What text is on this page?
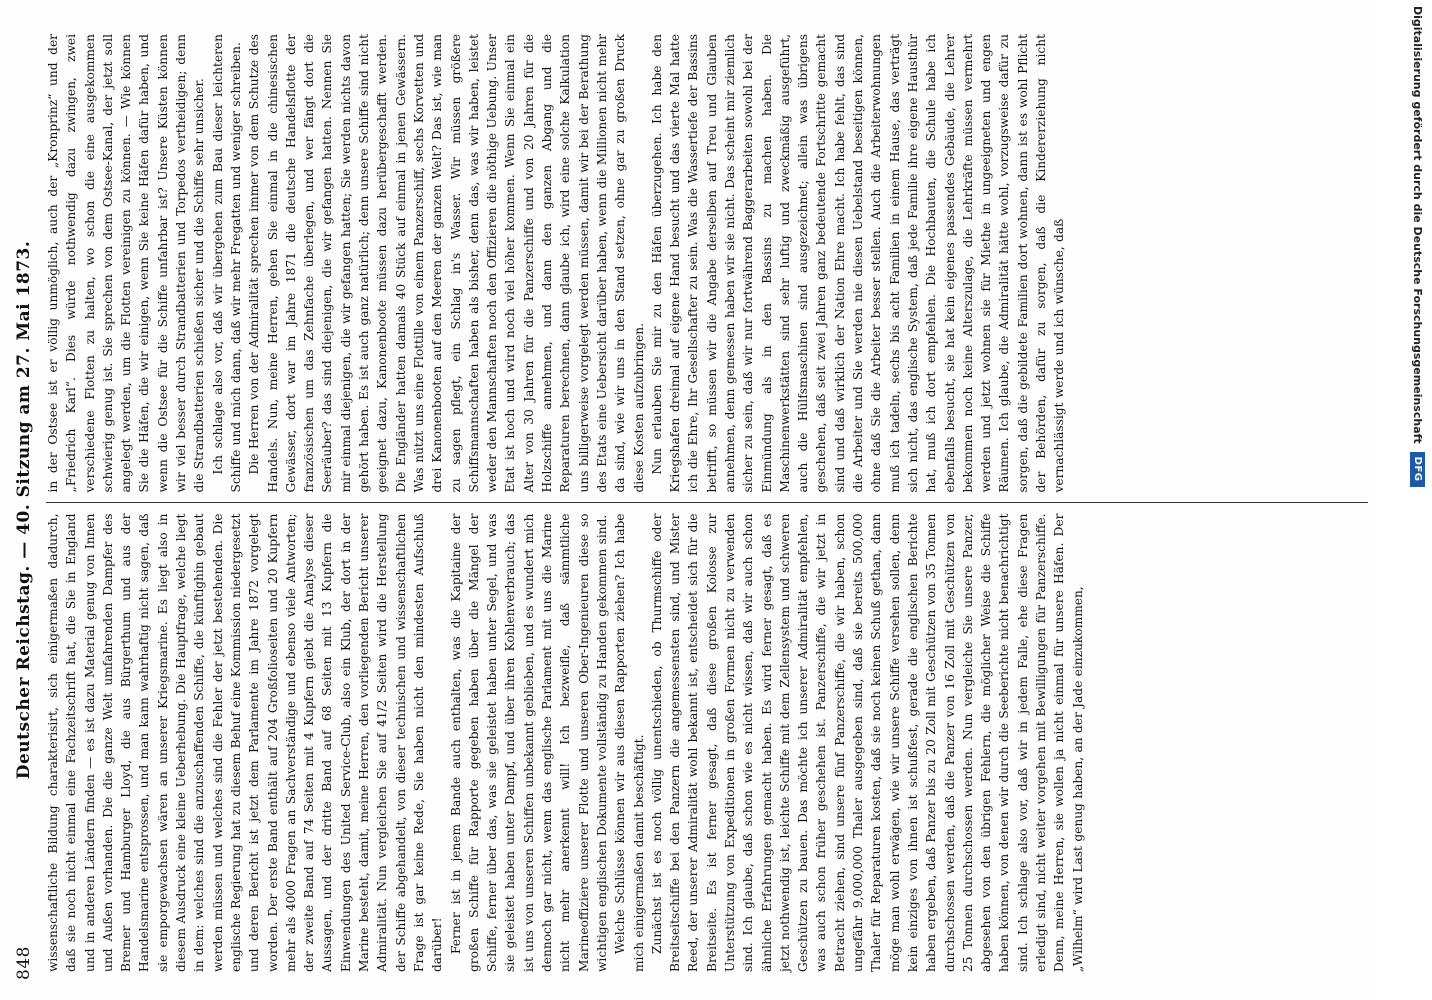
848
Deutscher Reichstag. — 40. Sitzung am 27. Mai 1873. wissenschaftliche Bildung charakterisirt, sich einigermaßen dadurch, daß sie noch nicht einmal eine Fachzeitschrift hat, die Sie in England und in anderen Ländern finden — es ist dazu Material genug von Innen und Außen vorhanden. Die die ganze Welt umfahrenden Dampfer des Bremer und Hamburger Lloyd, die aus Bürgerthum und aus der Handelsmarine entsprossen, und man kann wahrhaftig nicht sagen, daß sie emporgewachsen wären an unserer Kriegsmarine. Es liegt also in diesem Ausdruck eine kleine Ueberhebung. Die Hauptfrage, welche liegt in dem: welches sind die anzuschaffenden Schiffe, die künftighin gebaut werden müssen und welches sind die Fehler der jetzt bestehenden. Die englische Regierung hat zu diesem Behuf eine Kommission niedergesetzt und deren Bericht ist jetzt dem Parlamente im Jahre 1872 vorgelegt worden. Der erste Band enthält auf 204 Großfolioseiten und 20 Kupfern mehr als 4000 Fragen an Sachverständige und ebenso viele Antworten; der zweite Band auf 74 Seiten mit 4 Kupfern giebt die Analyse dieser Aussagen, und der dritte Band auf 68 Seiten mit 13 Kupfern die Einwendungen des United Service-Club, also ein Klub, der dort in der Marine besteht, damit, meine Herren, den vorliegenden Bericht unserer Admiralität. Nun vergleichen Sie auf 41/2 Seiten wird die Herstellung der Schiffe abgehandelt, von dieser technischen und wissenschaftlichen Frage ist gar keine Rede, Sie haben nicht den mindesten Aufschluß darüber! Ferner ist in jenem Bande auch enthalten, was die Kapitaine der großen Schiffe für Rapporte gegeben haben über die Mängel der Schiffe, ferner über das, was sie geleistet haben unter Segel, und was sie geleistet haben unter Dampf, und über ihren Kohlenverbrauch; das ist uns von unseren Schiffen unbekannt geblieben, und es wundert mich dennoch gar nicht, wenn das englische Parlament mit uns die Marine nicht mehr anerkennt will! Ich bezweifle, daß sämmtliche Marineoffiziere unserer Flotte und unseren Ober-Ingenieuren diese so wichtigen englischen Dokumente vollständig zu Handen gekommen sind. Welche Schlüsse können wir aus diesen Rapporten ziehen? Ich habe mich einigermaßen damit beschäftigt. Zunächst ist es noch völlig unentschieden, ob Thurmschiffe oder Breitseitschiffe bei den Panzern die angemessensten sind, und Mister Reed, der unserer Admiralität wohl bekannt ist, entscheidet sich für die Breitseite. Es ist ferner gesagt, daß diese großen Kolosse zur Unterstützung von Expeditionen in großen Formen nicht zu verwenden sind. Ich glaube, daß schon wie es nicht wissen, daß wir auch schon ähnliche Erfahrungen gemacht haben. Es wird ferner gesagt, daß es jetzt nothwendig ist, leichte Schiffe mit dem Zellensystem und schweren Geschützen zu bauen. Das möchte ich unserer Admiralität empfehlen, was auch schon früher geschehen ist. Panzerschiffe, die wir jetzt in Betracht ziehen, sind unsere fünf Panzerschiffe, die wir haben, schon ungefähr 9,000,000 Thaler ausgegeben sind, daß sie bereits 500,000 Thaler für Reparaturen kosten, daß sie noch keinen Schuß gethan, dann möge man wohl erwägen, wie wir unsere Schiffe versehen sollen, denn kein einziges von ihnen ist schußfest, gerade die englischen Berichte haben ergeben, daß Panzer bis zu 20 Zoll mit Geschützen von 35 Tonnen durchschossen werden, daß die Panzer von 16 Zoll mit Geschützen von 25 Tonnen durchschossen werden. Nun vergleiche Sie unsere Panzer, abgesehen von den übrigen Fehlern, die möglicher Weise die Schiffe haben können, von denen wir durch die Seeberichte nicht benachrichtigt sind. Ich schlage also vor, daß wir in jedem Falle, ehe diese Fragen erledigt sind, nicht weiter vorgehen mit Bewilligungen für Panzerschiffe. Denn, meine Herren, sie wollen ja nicht einmal für unsere Häfen. Der „Wilhelm“ wird Last genug haben, an der Jade einzukommen,

in der Ostsee ist er völlig unmöglich, auch der „Kronprinz“ und der „Friedrich Karl“. Dies würde nothwendig dazu zwingen, zwei verschiedene Flotten zu halten, wo schon die eine ausgekommen schwierig genug ist. Sie sprechen von dem Ostsee-Kanal, der jetzt soll angelegt werden, um die Flotten vereinigen zu können. — Wie können Sie die Häfen, die wir einigen, wenn Sie keine Häfen dafür haben, und wenn die Ostsee für die Schiffe unfahrbar ist? Unsere Küsten können wir viel besser durch Strandbatterien und Torpedos vertheidigen; denn die Strandbatterien schießen sicher und die Schiffe sehr unsicher. Ich schlage also vor, daß wir übergehen zum Bau dieser leichteren Schiffe und mich dann, daß wir mehr Fregatten und weniger schreiben. Die Herren von der Admiralität sprechen immer von dem Schutze des Handels. Nun, meine Herren, gehen Sie einmal in die chinesischen Gewässer, dort war im Jahre 1871 die deutsche Handelsflotte der französischen um das Zehnfache überlegen, und wer fängt dort die Seeräuber? das sind diejenigen, die wir gefangen hatten. Nennen Sie mir einmal diejenigen, die wir gefangen hatten; Sie werden nichts davon gehört haben. Es ist auch ganz natürlich; denn unsere Schiffe sind nicht geeignet dazu, Kanonenboote müssen dazu herübergeschafft werden. Die Engländer hatten damals 40 Stück auf einmal in jenen Gewässern. Was nützt uns eine Flottille von einem Panzerschiff, sechs Korvetten und drei Kanonenbooten auf den Meeren der ganzen Welt? Das ist, wie man zu sagen pflegt, ein Schlag in's Wasser. Wir müssen größere Schiffsmannschaften haben als bisher, denn das, was wir haben, leistet weder den Mannschaften noch den Offizieren die nöthige Uebung. Unser Etat ist hoch und wird noch viel höher kommen. Wenn Sie einmal ein Alter von 30 Jahren für die Panzerschiffe und von 20 Jahren für die Holzschiffe annehmen, und dann den ganzen Abgang und die Reparaturen berechnen, dann glaube ich, wird eine solche Kalkulation uns billigerweise vorgelegt werden müssen, damit wir bei der Berathung des Etats eine Uebersicht darüber haben, wenn die Millionen nicht mehr da sind, wie wir uns in den Stand setzen, ohne gar zu großen Druck diese Kosten aufzubringen. Nun erlauben Sie mir zu den Häfen überzugehen. Ich habe den Kriegshafen dreimal auf eigene Hand besucht und das vierte Mal hatte ich die Ehre, Ihr Gesellschafter zu sein. Was die Wassertiefe der Bassins betrifft, so müssen wir die Angabe derselben auf Treu und Glauben annehmen, denn gemessen haben wir sie nicht. Das scheint mir ziemlich sicher zu sein, daß wir nur fortwährend Baggerarbeiten sowohl bei der Einmündung als in den Bassins zu machen haben. Die Maschinenwerkstätten sind sehr luftig und zweckmäßig ausgeführt, auch die Hülfsmaschinen sind ausgezeichnet; allein was übrigens geschehen, daß seit zwei Jahren ganz bedeutende Fortschritte gemacht sind und daß wirklich der Nation Ehre macht. Ich habe fehlt, das sind die Arbeiter und Sie werden nie diesen Uebelstand beseitigen können, ohne daß Sie die Arbeiter besser stellen. Auch die Arbeiterwohnungen muß ich tadeln, sechs bis acht Familien in einem Hause, das verträgt sich nicht, das englische System, daß jede Familie ihre eigene Hausthür hat, muß ich dort empfehlen. Die Hochbauten, die Schule habe ich ebenfalls besucht, sie hat kein eigenes passendes Gebäude, die Lehrer bekommen noch keine Alterszulage, die Lehrkräfte müssen vermehrt werden und jetzt wohnen sie für Miethe in ungeeigneten und engen Räumen. Ich glaube, die Admiralität hätte wohl, vorzugsweise dafür zu sorgen, daß die gebildete Familien dort wohnen, dann ist es wohl Pflicht der Behörden, dafür zu sorgen, daß die Kindererziehung nicht vernachlässigt werde und ich wünsche, daß	Digitalisierung gefördert durch die Deutsche Forschungsgemeinschaft
DFG
